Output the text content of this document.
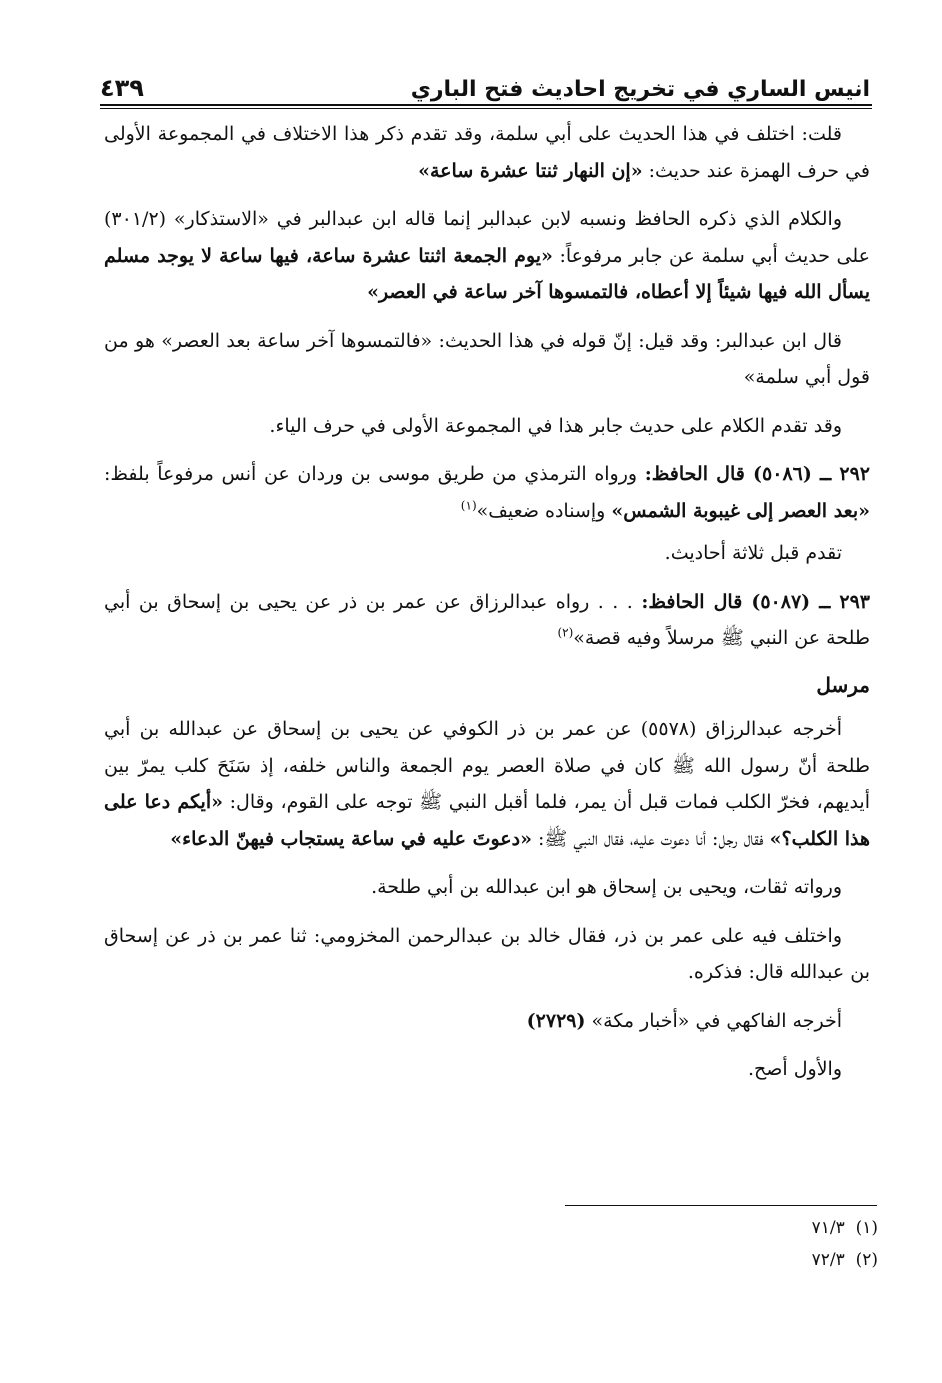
انيس الساري في تخريج احاديث فتح الباري
٤٣٩

قلت: اختلف في هذا الحديث على أبي سلمة، وقد تقدم ذكر هذا الاختلاف في المجموعة الأولى في حرف الهمزة عند حديث: «إن النهار ثنتا عشرة ساعة»

والكلام الذي ذكره الحافظ ونسبه لابن عبدالبر إنما قاله ابن عبدالبر في «الاستذكار» (٣٠١/٢) على حديث أبي سلمة عن جابر مرفوعاً: «يوم الجمعة اثنتا عشرة ساعة، فيها ساعة لا يوجد مسلم يسأل الله فيها شيئاً إلا أعطاه، فالتمسوها آخر ساعة في العصر»

قال ابن عبدالبر: وقد قيل: إنّ قوله في هذا الحديث: «فالتمسوها آخر ساعة بعد العصر» هو من قول أبي سلمة»

وقد تقدم الكلام على حديث جابر هذا في المجموعة الأولى في حرف الياء.

٢٩٢ ــ (٥٠٨٦) قال الحافظ: ورواه الترمذي من طريق موسى بن وردان عن أنس مرفوعاً بلفظ: «بعد العصر إلى غيبوبة الشمس» وإسناده ضعيف»$^{(١)}$

تقدم قبل ثلاثة أحاديث.

٢٩٣ ــ (٥٠٨٧) قال الحافظ: . . . رواه عبدالرزاق عن عمر بن ذر عن يحيى بن إسحاق بن أبي طلحة عن النبي ﷺ مرسلاً وفيه قصة»$^{(٢)}$

مرسل

أخرجه عبدالرزاق (٥٥٧٨) عن عمر بن ذر الكوفي عن يحيى بن إسحاق عن عبدالله بن أبي طلحة أنّ رسول الله ﷺ كان في صلاة العصر يوم الجمعة والناس خلفه، إذ سَنَحَ كلب يمرّ بين أيديهم، فخرّ الكلب فمات قبل أن يمر، فلما أقبل النبي ﷺ توجه على القوم، وقال: «أيكم دعا على هذا الكلب؟» فقال رجل: أنا دعوت عليه، فقال النبي ﷺ: «دعوتَ عليه في ساعة يستجاب فيهنّ الدعاء»

ورواته ثقات، ويحيى بن إسحاق هو ابن عبدالله بن أبي طلحة.

واختلف فيه على عمر بن ذر، فقال خالد بن عبدالرحمن المخزومي: ثنا عمر بن ذر عن إسحاق بن عبدالله قال: فذكره.

أخرجه الفاكهي في «أخبار مكة» (٢٧٢٩)

والأول أصح.

(١)  ٧١/٣
(٢)  ٧٢/٣
